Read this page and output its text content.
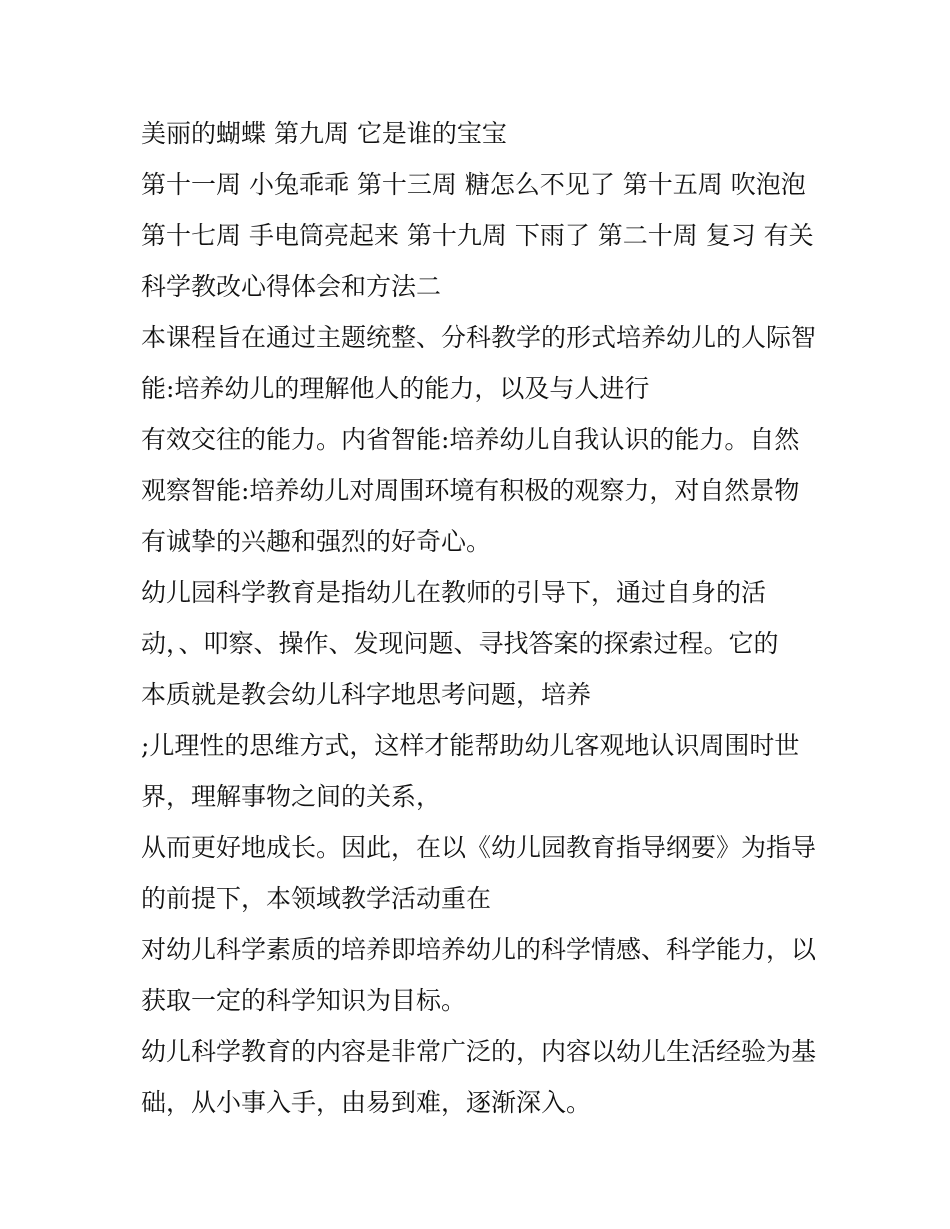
美丽的蝴蝶 第九周 它是谁的宝宝
第十一周 小兔乖乖 第十三周 糖怎么不见了 第十五周 吹泡泡
第十七周 手电筒亮起来 第十九周 下雨了 第二十周 复习 有关
科学教改心得体会和方法二
本课程旨在通过主题统整、分科教学的形式培养幼儿的人际智
能:培养幼儿的理解他人的能力，以及与人进行
有效交往的能力。内省智能:培养幼儿自我认识的能力。自然
观察智能:培养幼儿对周围环境有积极的观察力，对自然景物
有诚挚的兴趣和强烈的好奇心。
幼儿园科学教育是指幼儿在教师的引导下，通过自身的活
动，、叩察、操作、发现问题、寻找答案的探索过程。它的
本质就是教会幼儿科字地思考问题，培养
;儿理性的思维方式，这样才能帮助幼儿客观地认识周围时世
界，理解事物之间的关系，
从而更好地成长。因此，在以《幼儿园教育指导纲要》为指导
的前提下，本领域教学活动重在
对幼儿科学素质的培养即培养幼儿的科学情感、科学能力，以
获取一定的科学知识为目标。
幼儿科学教育的内容是非常广泛的，内容以幼儿生活经验为基
础，从小事入手，由易到难，逐渐深入。
